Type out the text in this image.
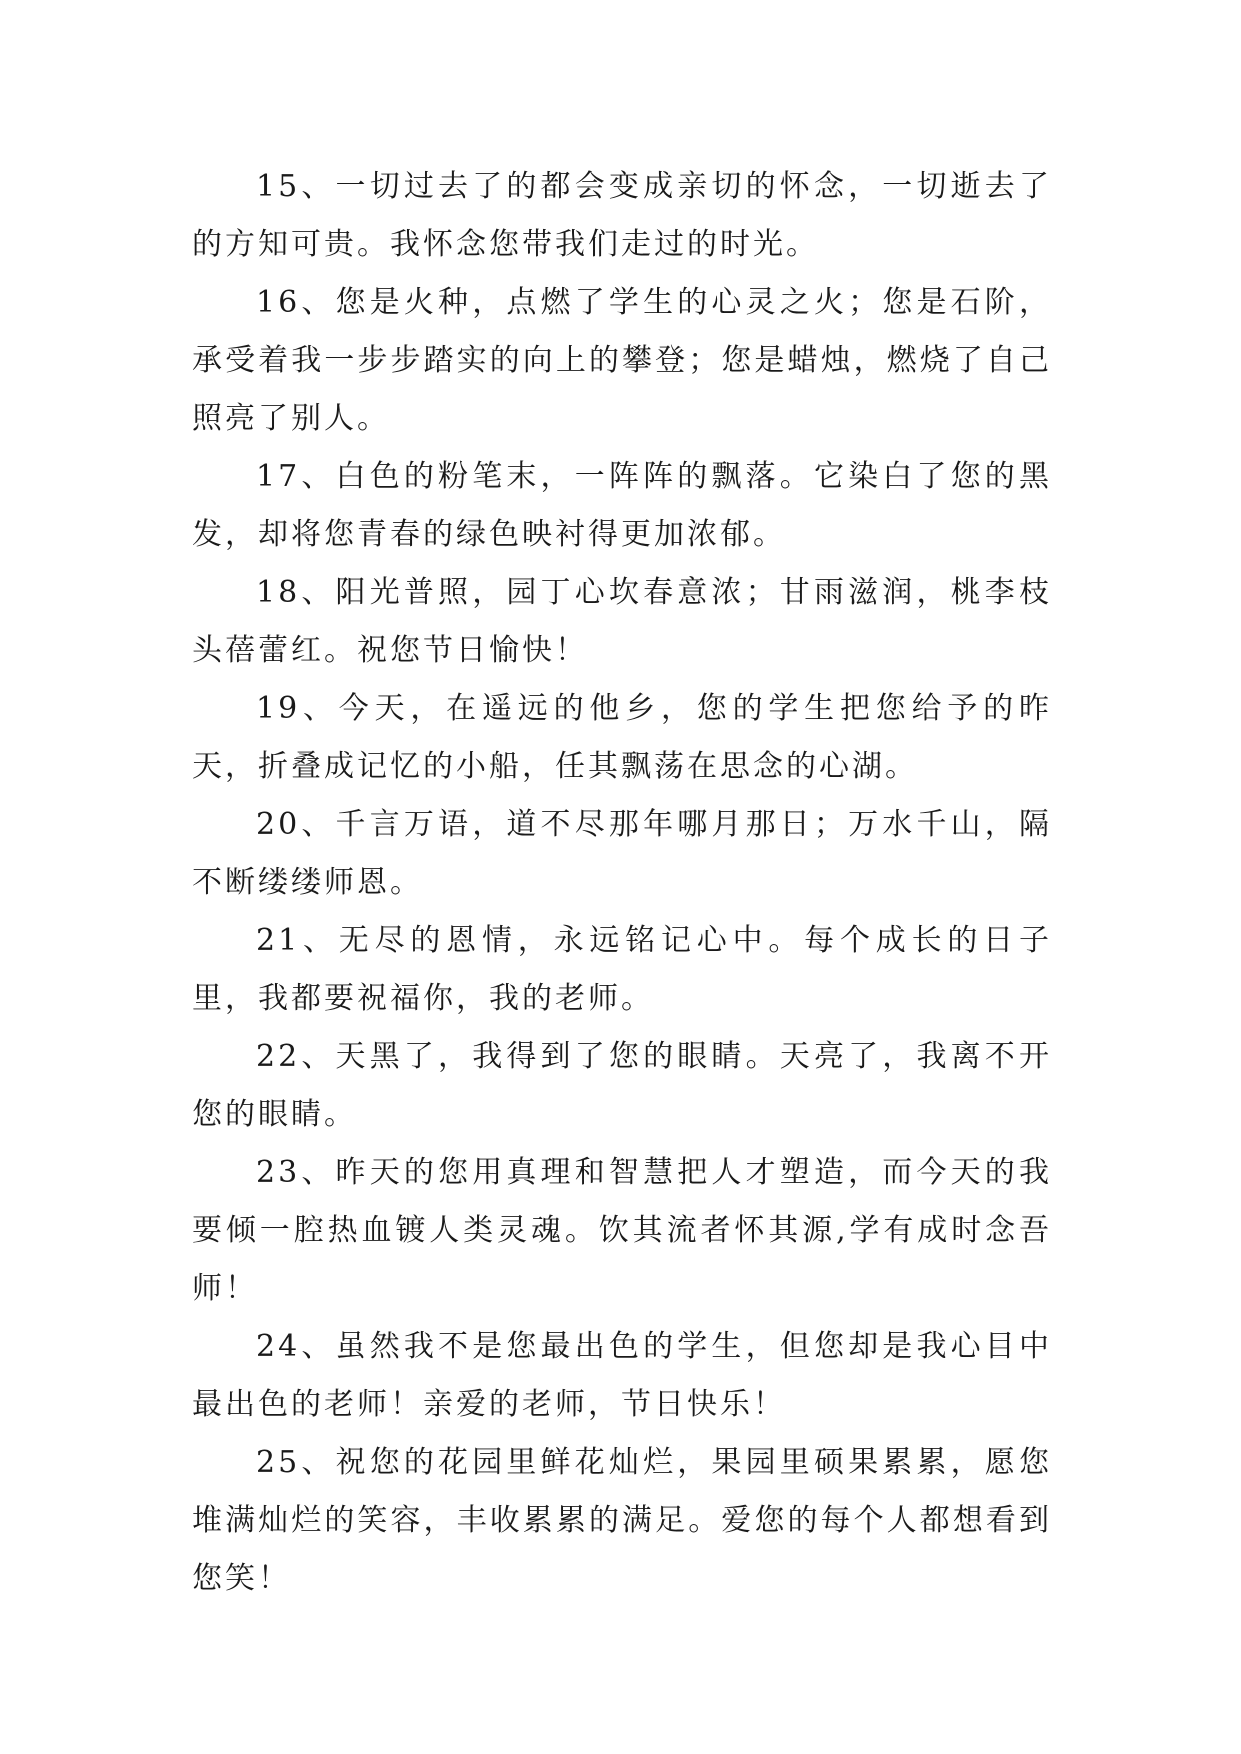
15、一切过去了的都会变成亲切的怀念，一切逝去了的方知可贵。我怀念您带我们走过的时光。

16、您是火种，点燃了学生的心灵之火；您是石阶，承受着我一步步踏实的向上的攀登；您是蜡烛，燃烧了自己照亮了别人。

17、白色的粉笔末，一阵阵的飘落。它染白了您的黑发，却将您青春的绿色映衬得更加浓郁。

18、阳光普照，园丁心坎春意浓；甘雨滋润，桃李枝头蓓蕾红。祝您节日愉快！

19、今天，在遥远的他乡，您的学生把您给予的昨天，折叠成记忆的小船，任其飘荡在思念的心湖。

20、千言万语，道不尽那年哪月那日；万水千山，隔不断缕缕师恩。

21、无尽的恩情，永远铭记心中。每个成长的日子里，我都要祝福你，我的老师。

22、天黑了，我得到了您的眼睛。天亮了，我离不开您的眼睛。

23、昨天的您用真理和智慧把人才塑造，而今天的我要倾一腔热血镀人类灵魂。饮其流者怀其源,学有成时念吾师！

24、虽然我不是您最出色的学生，但您却是我心目中最出色的老师！亲爱的老师，节日快乐！

25、祝您的花园里鲜花灿烂，果园里硕果累累，愿您堆满灿烂的笑容，丰收累累的满足。爱您的每个人都想看到您笑！
